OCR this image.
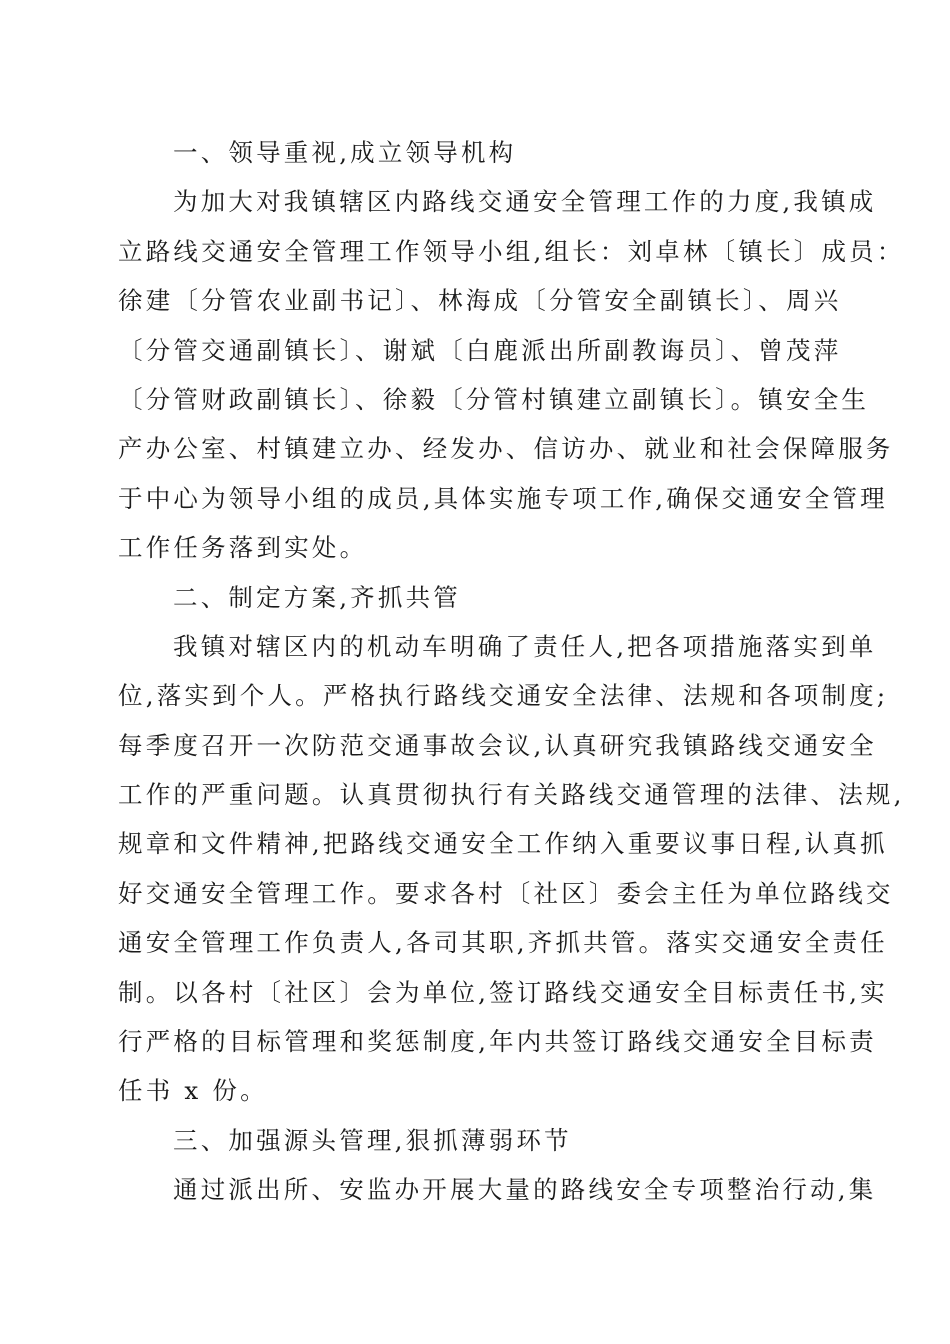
一、领导重视,成立领导机构
为加大对我镇辖区内路线交通安全管理工作的力度,我镇成
立路线交通安全管理工作领导小组,组长：刘卓林〔镇长〕成员：
徐建〔分管农业副书记〕、林海成〔分管安全副镇长〕、周兴
〔分管交通副镇长〕、谢斌〔白鹿派出所副教诲员〕、曾茂萍
〔分管财政副镇长〕、徐毅〔分管村镇建立副镇长〕。镇安全生
产办公室、村镇建立办、经发办、信访办、就业和社会保障服务
于中心为领导小组的成员,具体实施专项工作,确保交通安全管理
工作任务落到实处。
二、制定方案,齐抓共管
我镇对辖区内的机动车明确了责任人,把各项措施落实到单
位,落实到个人。严格执行路线交通安全法律、法规和各项制度;
每季度召开一次防范交通事故会议,认真研究我镇路线交通安全
工作的严重问题。认真贯彻执行有关路线交通管理的法律、法规,
规章和文件精神,把路线交通安全工作纳入重要议事日程,认真抓
好交通安全管理工作。要求各村〔社区〕委会主任为单位路线交
通安全管理工作负责人,各司其职,齐抓共管。落实交通安全责任
制。以各村〔社区〕会为单位,签订路线交通安全目标责任书,实
行严格的目标管理和奖惩制度,年内共签订路线交通安全目标责
任书 x 份。
三、加强源头管理,狠抓薄弱环节
通过派出所、安监办开展大量的路线安全专项整治行动,集
